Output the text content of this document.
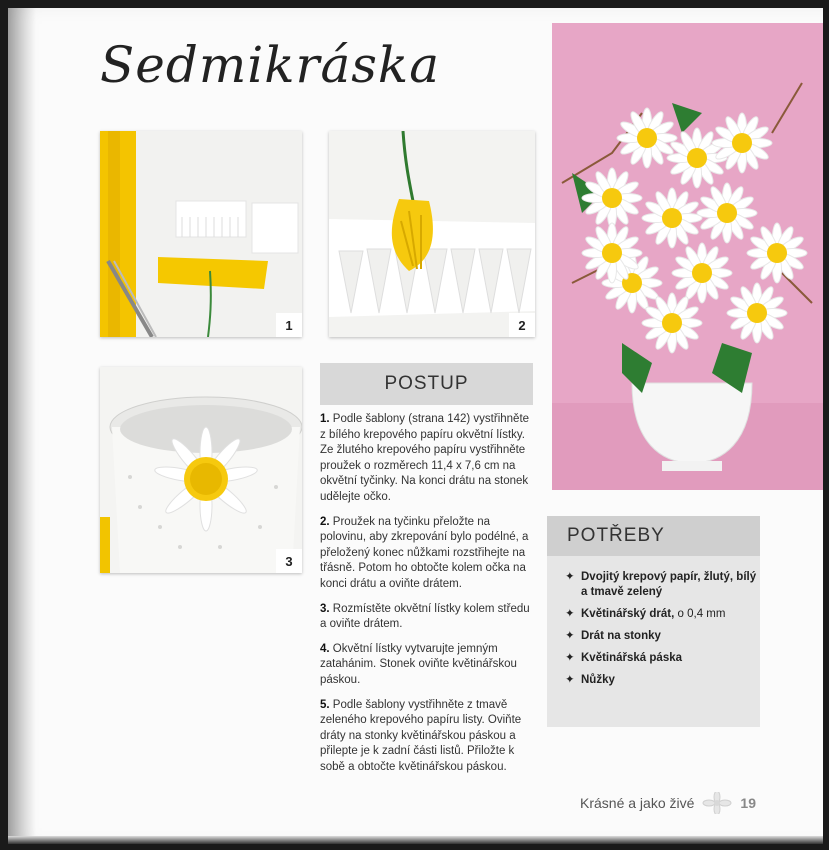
Sedmikráska
1	2
3
POSTUP

1. Podle šablony (strana 142) vystřihněte z bílého krepového papíru okvětní lístky. Ze žlutého krepového papíru vystřihněte proužek o rozměrech 11,4 x 7,6 cm na okvětní tyčinky. Na konci drátu na stonek udělejte očko.

2. Proužek na tyčinku přeložte na polovinu, aby zkrepování bylo podélné, a přeložený konec nůžkami rozstřihejte na třásně. Potom ho obtočte kolem očka na konci drátu a oviňte drátem.

3. Rozmístěte okvětní lístky kolem středu a oviňte drátem.

4. Okvětní lístky vytvarujte jemným zatahánim. Stonek oviňte květinářskou páskou.

5. Podle šablony vystřihněte z tmavě zeleného krepového papíru listy. Oviňte dráty na stonky květinářskou páskou a přilepte je k zadní části listů. Přiložte k sobě a obtočte květinářskou páskou.

POTŘEBY
✦ Dvojitý krepový papír, žlutý, bílý a tmavě zelený
✦ Květinářský drát, o 0,4 mm
✦ Drát na stonky
✦ Květinářská páska
✦ Nůžky
Krásné a jako živé	19
